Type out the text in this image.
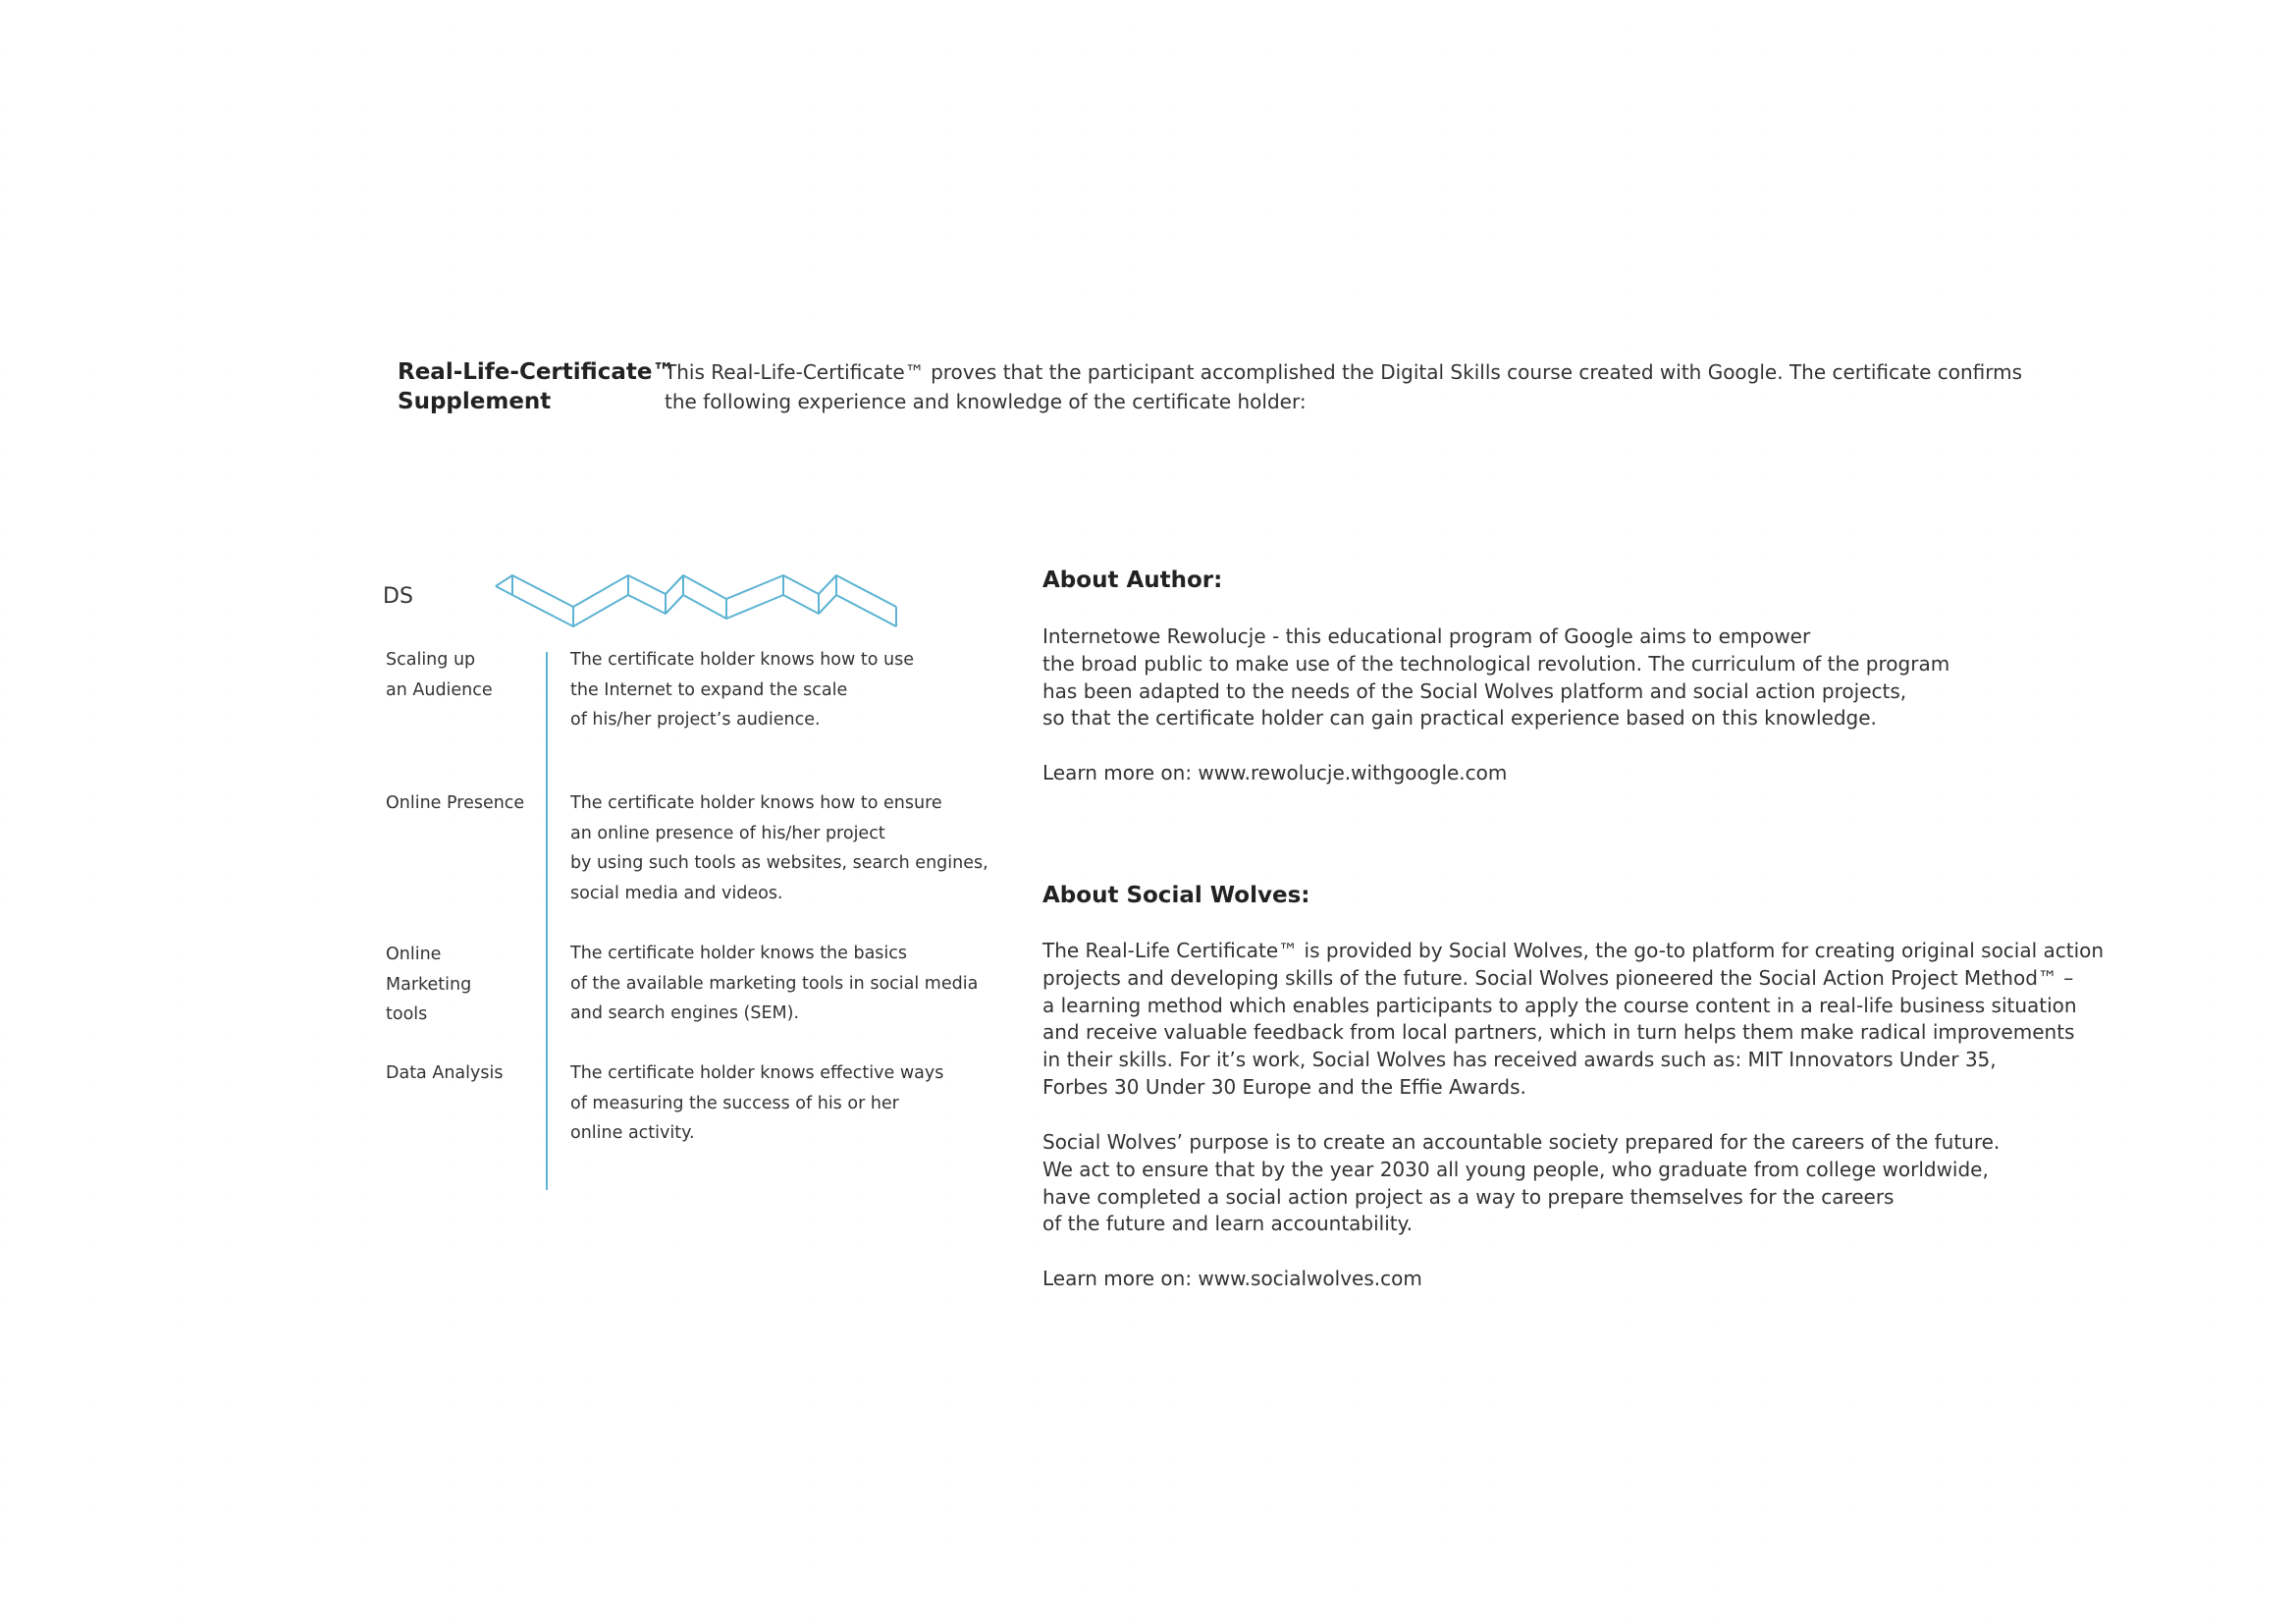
Real-Life-Certificate™
Supplement
This Real-Life-Certificate™ proves that the participant accomplished the Digital Skills course created with Google. The certificate confirms
the following experience and knowledge of the certificate holder:
DS
Scaling up
an Audience
The certificate holder knows how to use
the Internet to expand the scale
of his/her project’s audience.
Online Presence	The certificate holder knows how to ensure
an online presence of his/her project
by using such tools as websites, search engines,
social media and videos.
Online
Marketing
tools
The certificate holder knows the basics
of the available marketing tools in social media
and search engines (SEM).
Data Analysis	The certificate holder knows effective ways
of measuring the success of his or her
online activity.
About Author:
Internetowe Rewolucje - this educational program of Google aims to empower
the broad public to make use of the technological revolution. The curriculum of the program
has been adapted to the needs of the Social Wolves platform and social action projects,
so that the certificate holder can gain practical experience based on this knowledge.
Learn more on: www.rewolucje.withgoogle.com
About Social Wolves:
The Real-Life Certificate™ is provided by Social Wolves, the go-to platform for creating original social action
projects and developing skills of the future. Social Wolves pioneered the Social Action Project Method™ –
a learning method which enables participants to apply the course content in a real-life business situation
and receive valuable feedback from local partners, which in turn helps them make radical improvements
in their skills. For it’s work, Social Wolves has received awards such as: MIT Innovators Under 35,
Forbes 30 Under 30 Europe and the Effie Awards.
Social Wolves’ purpose is to create an accountable society prepared for the careers of the future.
We act to ensure that by the year 2030 all young people, who graduate from college worldwide,
have completed a social action project as a way to prepare themselves for the careers
of the future and learn accountability.
Learn more on: www.socialwolves.com
